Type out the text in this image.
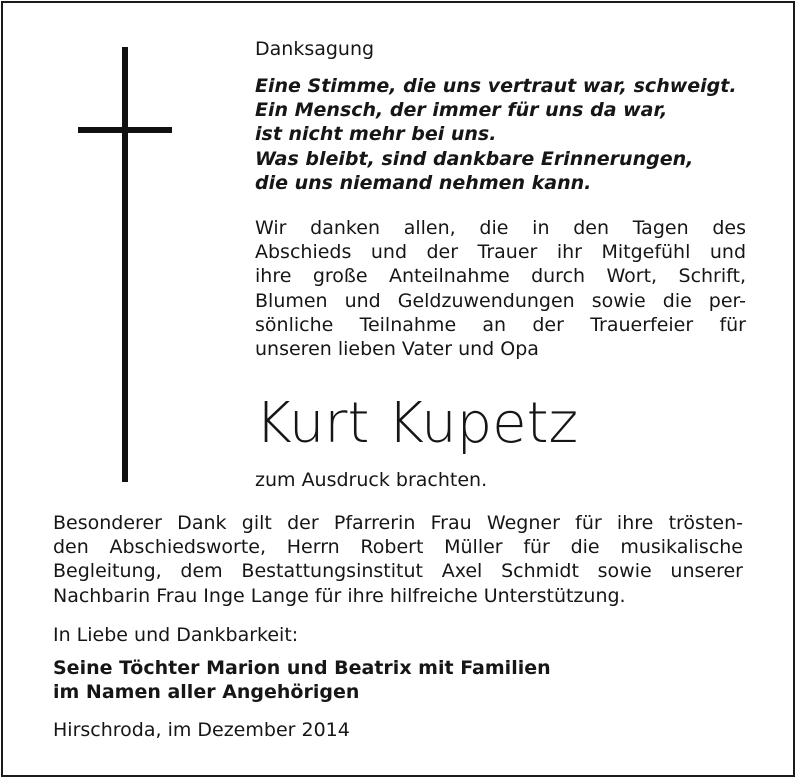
Danksagung
Eine Stimme, die uns vertraut war, schweigt.
Ein Mensch, der immer für uns da war,
ist nicht mehr bei uns.
Was bleibt, sind dankbare Erinnerungen,
die uns niemand nehmen kann.
Wir danken allen, die in den Tagen des
Abschieds und der Trauer ihr Mitgefühl und
ihre große Anteilnahme durch Wort, Schrift,
Blumen und Geldzuwendungen sowie die per-
sönliche Teilnahme an der Trauerfeier für
unseren lieben Vater und Opa
Kurt Kupetz
zum Ausdruck brachten.
Besonderer Dank gilt der Pfarrerin Frau Wegner für ihre trösten-
den Abschiedsworte, Herrn Robert Müller für die musikalische
Begleitung, dem Bestattungsinstitut Axel Schmidt sowie unserer
Nachbarin Frau Inge Lange für ihre hilfreiche Unterstützung.
In Liebe und Dankbarkeit:
Seine Töchter Marion und Beatrix mit Familien
im Namen aller Angehörigen
Hirschroda, im Dezember 2014
